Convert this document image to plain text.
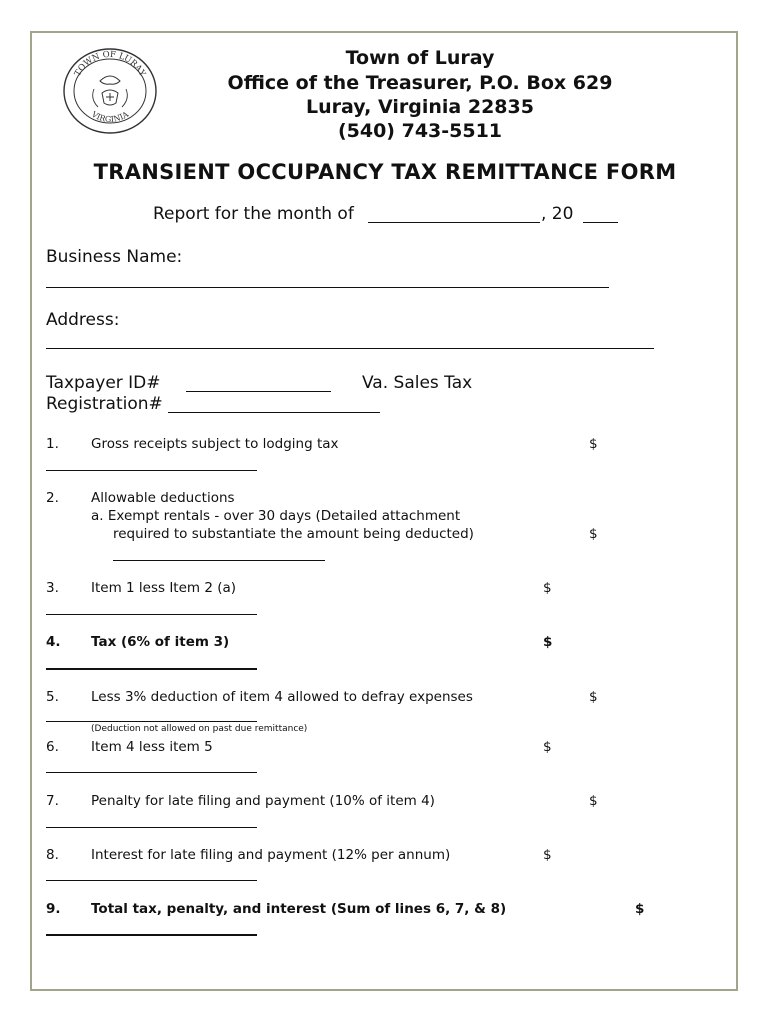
TOWN OF LURAY
VIRGINIA
Town of Luray
Office of the Treasurer, P.O. Box 629
Luray, Virginia 22835
(540) 743-5511
TRANSIENT OCCUPANCY TAX REMITTANCE FORM
Report for the month of	, 20
Business Name:
Address:
Taxpayer ID#	Va. Sales Tax
Registration#
1. Gross receipts subject to lodging tax	$
2. Allowable deductions
a. Exempt rentals - over 30 days (Detailed attachment
required to substantiate the amount being deducted)	$
3. Item 1 less Item 2 (a)	$
4. Tax (6% of item 3)	$
5. Less 3% deduction of item 4 allowed to defray expenses	$
(Deduction not allowed on past due remittance)
6. Item 4 less item 5	$
7. Penalty for late filing and payment (10% of item 4)	$
8. Interest for late filing and payment (12% per annum)	$
9. Total tax, penalty, and interest (Sum of lines 6, 7, & 8)	$
